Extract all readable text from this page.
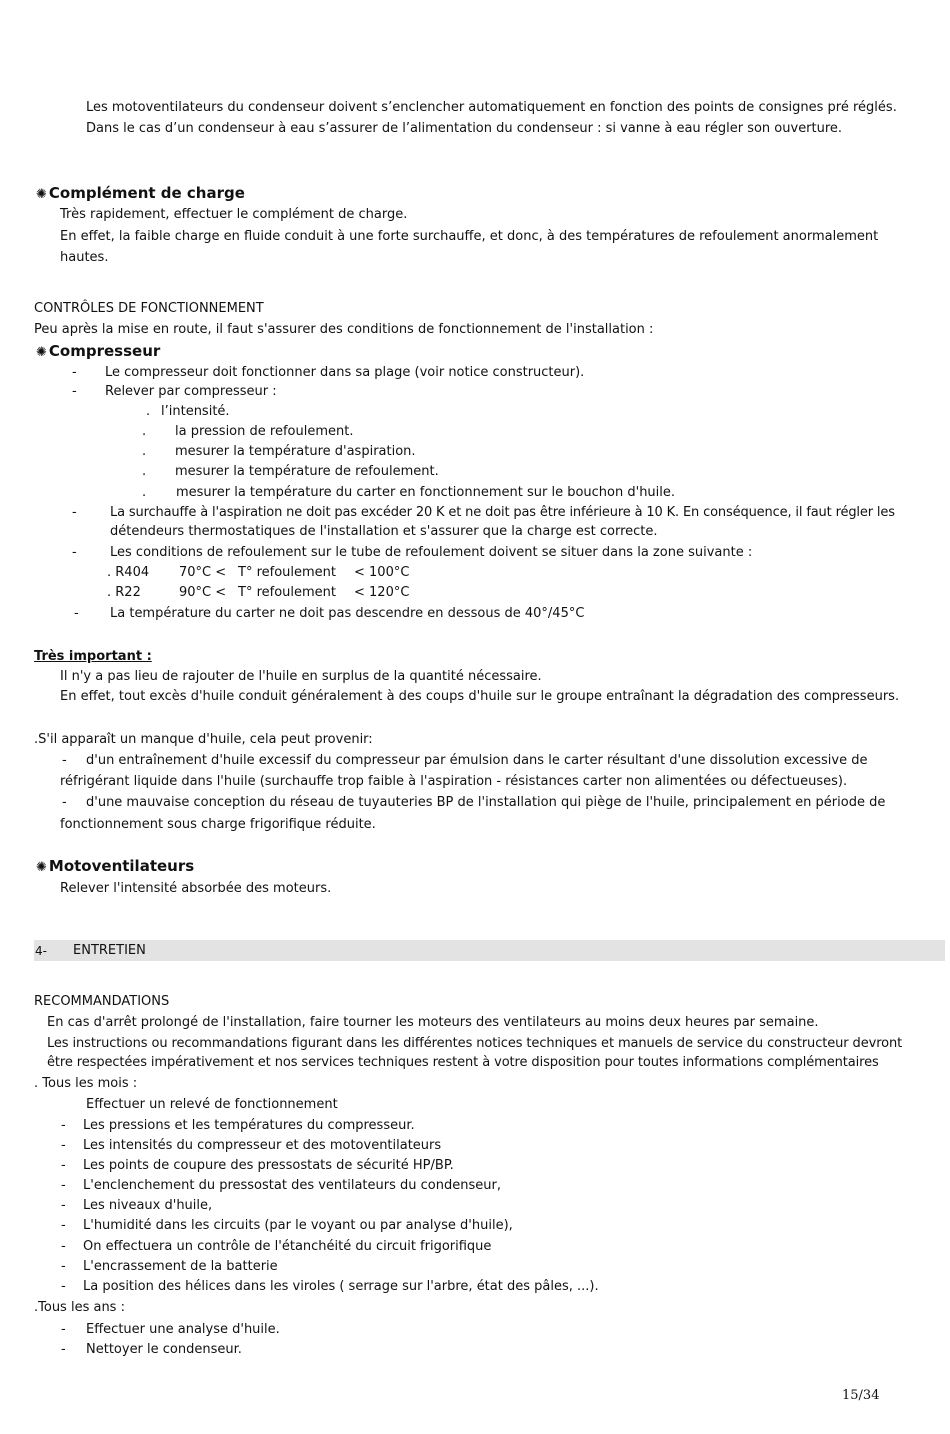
Les motoventilateurs du condenseur doivent s’enclencher automatiquement en fonction des points de consignes pré réglés.
Dans le cas d’un condenseur à eau s’assurer de l’alimentation du condenseur : si vanne à eau régler son ouverture.
✺ Complément de charge
Très rapidement, effectuer le complément de charge.
En effet, la faible charge en fluide conduit à une forte surchauffe, et donc, à des températures de refoulement anormalement
hautes.
CONTRÔLES DE FONCTIONNEMENT
Peu après la mise en route, il faut s'assurer des conditions de fonctionnement de l'installation :
✺ Compresseur
- Le compresseur doit fonctionner dans sa plage (voir notice constructeur).
- Relever par compresseur :
. l’intensité.
. la pression de refoulement.
. mesurer la température d'aspiration.
. mesurer la température de refoulement.
. mesurer la température du carter en fonctionnement sur le bouchon d'huile.
-	La surchauffe à l'aspiration ne doit pas excéder 20 K et ne doit pas être inférieure à 10 K. En conséquence, il faut régler les
détendeurs thermostatiques de l'installation et s'assurer que la charge est correcte.
-	Les conditions de refoulement sur le tube de refoulement doivent se situer dans la zone suivante :
. R404 70°C < T° refoulement < 100°C
. R22	90°C < T° refoulement < 120°C
- La température du carter ne doit pas descendre en dessous de 40°/45°C
Très important :
Il n'y a pas lieu de rajouter de l'huile en surplus de la quantité nécessaire.
En effet, tout excès d'huile conduit généralement à des coups d'huile sur le groupe entraînant la dégradation des compresseurs.
.S'il apparaît un manque d'huile, cela peut provenir:
- d'un entraînement d'huile excessif du compresseur par émulsion dans le carter résultant d'une dissolution excessive de
réfrigérant liquide dans l'huile (surchauffe trop faible à l'aspiration - résistances carter non alimentées ou défectueuses).
- d'une mauvaise conception du réseau de tuyauteries BP de l'installation qui piège de l'huile, principalement en période de
fonctionnement sous charge frigorifique réduite.
✺ Motoventilateurs
Relever l'intensité absorbée des moteurs.
4- ENTRETIEN
RECOMMANDATIONS
En cas d'arrêt prolongé de l'installation, faire tourner les moteurs des ventilateurs au moins deux heures par semaine.
Les instructions ou recommandations figurant dans les différentes notices techniques et manuels de service du constructeur devront
être respectées impérativement et nos services techniques restent à votre disposition pour toutes informations complémentaires
. Tous les mois :
Effectuer un relevé de fonctionnement
- Les pressions et les températures du compresseur.
- Les intensités du compresseur et des motoventilateurs
- Les points de coupure des pressostats de sécurité HP/BP.
- L'enclenchement du pressostat des ventilateurs du condenseur,
- Les niveaux d'huile,
- L'humidité dans les circuits (par le voyant ou par analyse d'huile),
- On effectuera un contrôle de l'étanchéité du circuit frigorifique
- L'encrassement de la batterie
- La position des hélices dans les viroles ( serrage sur l'arbre, état des pâles, ...).
.Tous les ans :
- Effectuer une analyse d'huile.
- Nettoyer le condenseur.
15/34
